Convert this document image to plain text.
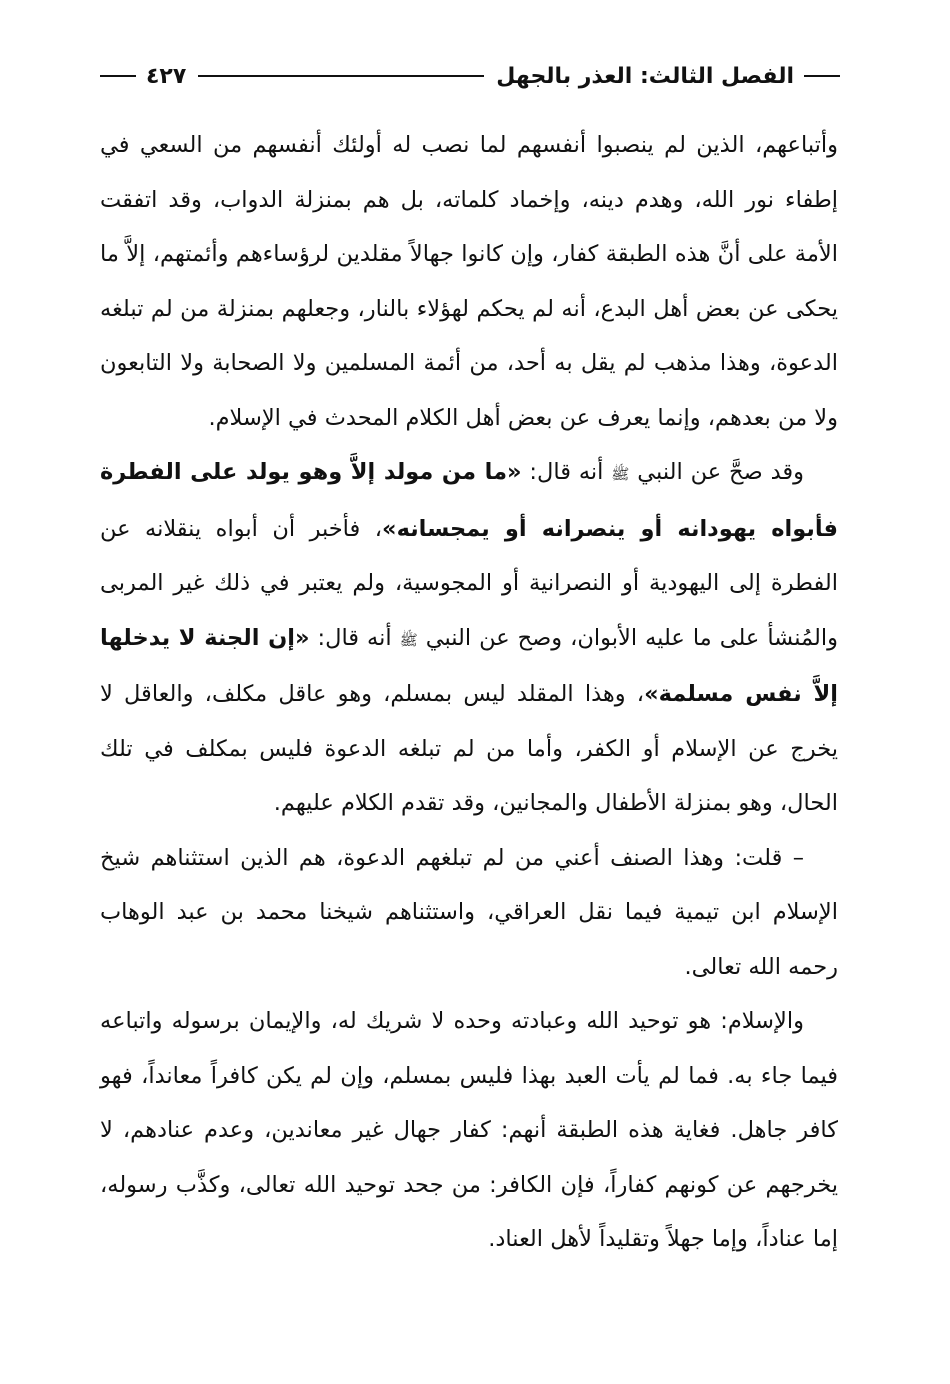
الفصل الثالث: العذر بالجهل
٤٢٧

وأتباعهم، الذين لم ينصبوا أنفسهم لما نصب له أولئك أنفسهم من السعي في إطفاء نور الله، وهدم دينه، وإخماد كلماته، بل هم بمنزلة الدواب، وقد اتفقت الأمة على أنَّ هذه الطبقة كفار، وإن كانوا جهالاً مقلدين لرؤساءهم وأئمتهم، إلاَّ ما يحكى عن بعض أهل البدع، أنه لم يحكم لهؤلاء بالنار، وجعلهم بمنزلة من لم تبلغه الدعوة، وهذا مذهب لم يقل به أحد، من أئمة المسلمين ولا الصحابة ولا التابعون ولا من بعدهم، وإنما يعرف عن بعض أهل الكلام المحدث في الإسلام.

وقد صحَّ عن النبي ﷺ أنه قال: «ما من مولد إلاَّ وهو يولد على الفطرة فأبواه يهودانه أو ينصرانه أو يمجسانه»، فأخبر أن أبواه ينقلانه عن الفطرة إلى اليهودية أو النصرانية أو المجوسية، ولم يعتبر في ذلك غير المربى والمُنشأ على ما عليه الأبوان، وصح عن النبي ﷺ أنه قال: «إن الجنة لا يدخلها إلاَّ نفس مسلمة»، وهذا المقلد ليس بمسلم، وهو عاقل مكلف، والعاقل لا يخرج عن الإسلام أو الكفر، وأما من لم تبلغه الدعوة فليس بمكلف في تلك الحال، وهو بمنزلة الأطفال والمجانين، وقد تقدم الكلام عليهم.

– قلت: وهذا الصنف أعني من لم تبلغهم الدعوة، هم الذين استثناهم شيخ الإسلام ابن تيمية فيما نقل العراقي، واستثناهم شيخنا محمد بن عبد الوهاب رحمه الله تعالى.

والإسلام: هو توحيد الله وعبادته وحده لا شريك له، والإيمان برسوله واتباعه فيما جاء به. فما لم يأت العبد بهذا فليس بمسلم، وإن لم يكن كافراً معانداً، فهو كافر جاهل. فغاية هذه الطبقة أنهم: كفار جهال غير معاندين، وعدم عنادهم، لا يخرجهم عن كونهم كفاراً، فإن الكافر: من جحد توحيد الله تعالى، وكذَّب رسوله، إما عناداً، وإما جهلاً وتقليداً لأهل العناد.
